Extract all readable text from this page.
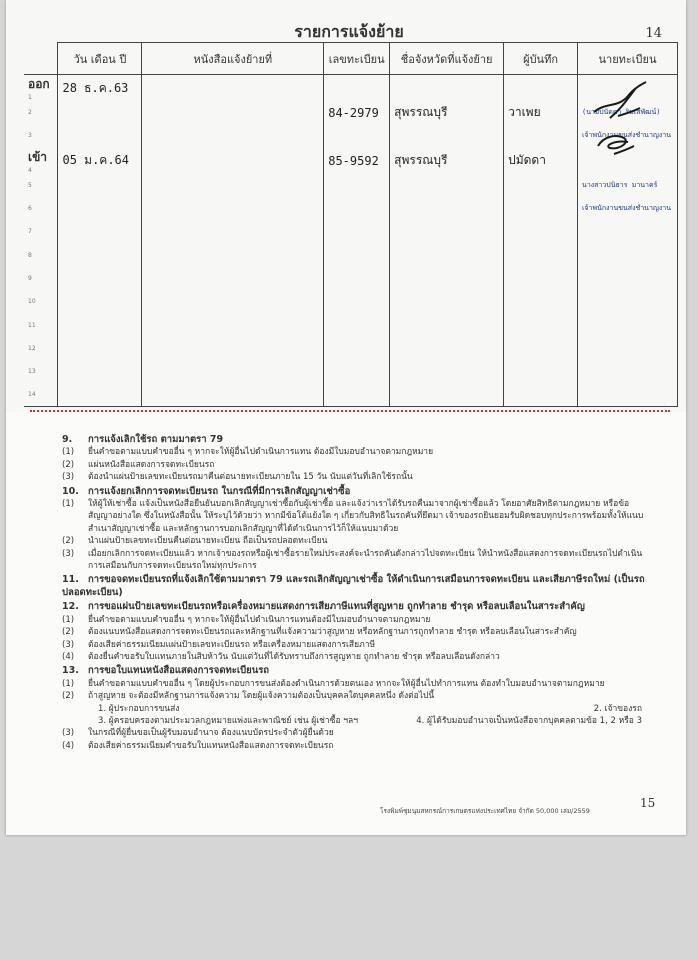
รายการแจ้งย้าย	14
	วัน เดือน ปี	หนังสือแจ้งย้ายที่	เลขทะเบียน	ชื่อจังหวัดที่แจ้งย้าย	ผู้บันทึก	นายทะเบียน
ออก
1	28 ธ.ค.63					
2			84-2979	สุพรรณบุรี	วาเพย	(นายปนัดดา ริมเสพัฒน์)
3						เจ้าพนักงานขนส่งชำนาญงาน
เข้า
4	05 ม.ค.64		85-9592	สุพรรณบุรี	ปมัดดา	
5						นางสาวปนิธาร มานาคร์
6						เจ้าพนักงานขนส่งชำนาญงาน
7						
8						
9						
10						
11						
12						
13						
14						
9. การแจ้งเลิกใช้รถ ตามมาตรา 79
(1)	ยื่นคำขอตามแบบคำขออื่น ๆ หากจะให้ผู้อื่นไปดำเนินการแทน ต้องมีใบมอบอำนาจตามกฎหมาย
(2)	แผ่นหนังสือแสดงการจดทะเบียนรถ
(3)	ต้องนำแผ่นป้ายเลขทะเบียนรถมาคืนต่อนายทะเบียนภายใน 15 วัน นับแต่วันที่เลิกใช้รถนั้น
10. การแจ้งยกเลิกการจดทะเบียนรถ ในกรณีที่มีการเลิกสัญญาเช่าซื้อ
(1)	ให้ผู้ให้เช่าซื้อ แจ้งเป็นหนังสือยืนยันบอกเลิกสัญญาเช่าซื้อกับผู้เช่าซื้อ และแจ้งว่าเราได้รับรถคืนมาจากผู้เช่าซื้อแล้ว โดยอาศัยสิทธิตามกฎหมาย หรือข้อสัญญาอย่างใด ซึ่งในหนังสือนั้น ให้ระบุไว้ด้วยว่า หากมีข้อโต้แย้งใด ๆ เกี่ยวกับสิทธิในรถคันที่ยึดมา เจ้าของรถยินยอมรับผิดชอบทุกประการพร้อมทั้งให้แนบสำเนาสัญญาเช่าซื้อ และหลักฐานการบอกเลิกสัญญาที่ได้ดำเนินการไว้ก็ให้แนบมาด้วย
(2)	นำแผ่นป้ายเลขทะเบียนคืนต่อนายทะเบียน ถือเป็นรถปลอดทะเบียน
(3)	เมื่อยกเลิกการจดทะเบียนแล้ว หากเจ้าของรถหรือผู้เช่าซื้อรายใหม่ประสงค์จะนำรถคันดังกล่าวไปจดทะเบียน ให้นำหนังสือแสดงการจดทะเบียนรถไปดำเนินการเสมือนกับการจดทะเบียนรถใหม่ทุกประการ
11. การขอจดทะเบียนรถที่แจ้งเลิกใช้ตามมาตรา 79 และรถเลิกสัญญาเช่าซื้อ ให้ดำเนินการเสมือนการจดทะเบียน และเสียภาษีรถใหม่ (เป็นรถปลอดทะเบียน)
12. การขอแผ่นป้ายเลขทะเบียนรถหรือเครื่องหมายแสดงการเสียภาษีแทนที่สูญหาย ถูกทำลาย ชำรุด หรือลบเลือนในสาระสำคัญ
(1)	ยื่นคำขอตามแบบคำขออื่น ๆ หากจะให้ผู้อื่นไปดำเนินการแทนต้องมีใบมอบอำนาจตามกฎหมาย
(2)	ต้องแนบหนังสือแสดงการจดทะเบียนรถและหลักฐานที่แจ้งความว่าสูญหาย หรือหลักฐานการถูกทำลาย ชำรุด หรือลบเลือนในสาระสำคัญ
(3)	ต้องเสียค่าธรรมเนียมแผ่นป้ายเลขทะเบียนรถ หรือเครื่องหมายแสดงการเสียภาษี
(4)	ต้องยื่นคำขอรับใบแทนภายในสิบห้าวัน นับแต่วันที่ได้รับทราบถึงการสูญหาย ถูกทำลาย ชำรุด หรือลบเลือนดังกล่าว
13. การขอใบแทนหนังสือแสดงการจดทะเบียนรถ
(1)	ยื่นคำขอตามแบบคำขออื่น ๆ โดยผู้ประกอบการขนส่งต้องดำเนินการด้วยตนเอง หากจะให้ผู้อื่นไปทำการแทน ต้องทำใบมอบอำนาจตามกฎหมาย
(2)	ถ้าสูญหาย จะต้องมีหลักฐานการแจ้งความ โดยผู้แจ้งความต้องเป็นบุคคลใดบุคคลหนึ่ง ดังต่อไปนี้
1. ผู้ประกอบการขนส่ง	2. เจ้าของรถ
3. ผู้ครอบครองตามประมวลกฎหมายแพ่งและพาณิชย์ เช่น ผู้เช่าซื้อ ฯลฯ	4. ผู้ได้รับมอบอำนาจเป็นหนังสือจากบุคคลตามข้อ 1, 2 หรือ 3
(3)	ในกรณีที่ผู้ยื่นขอเป็นผู้รับมอบอำนาจ ต้องแนบบัตรประจำตัวผู้ยื่นด้วย
(4)	ต้องเสียค่าธรรมเนียมคำขอรับใบแทนหนังสือแสดงการจดทะเบียนรถ
15
โรงพิมพ์ชุมนุมสหกรณ์การเกษตรแห่งประเทศไทย จำกัด 50,000 เล่ม/2559
